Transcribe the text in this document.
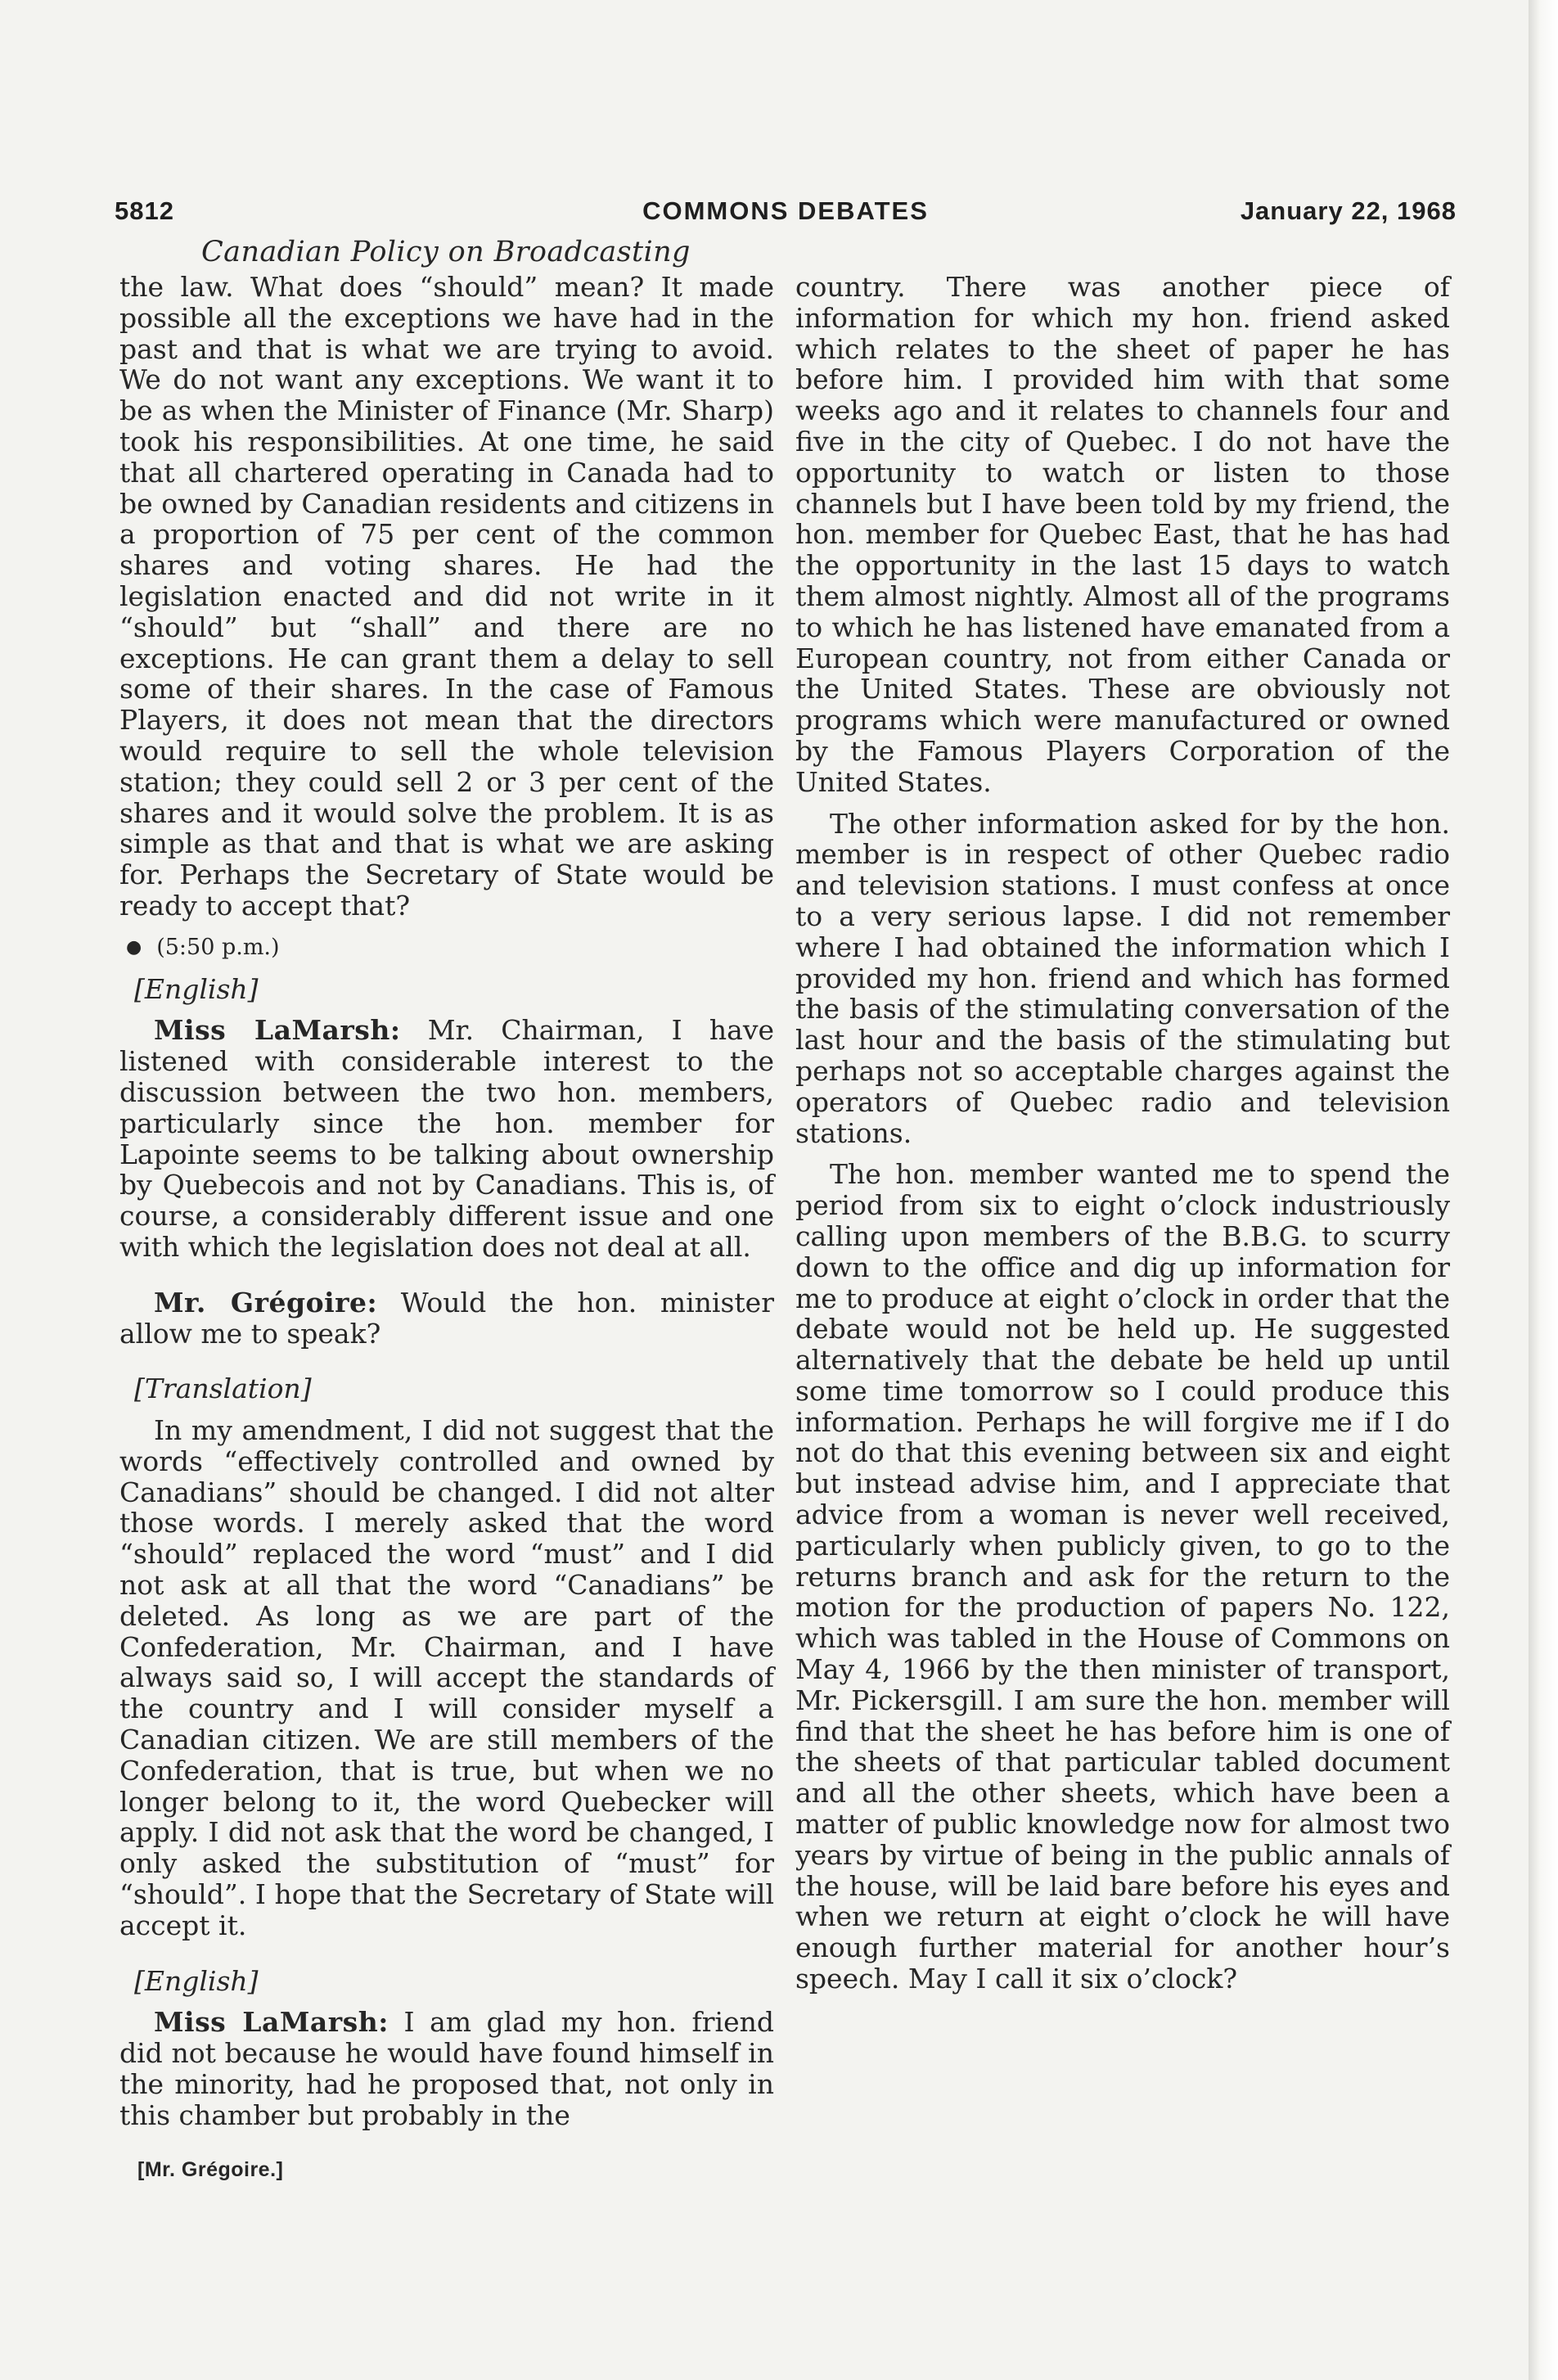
5812	COMMONS DEBATES	January 22, 1968
Canadian Policy on Broadcasting

the law. What does “should” mean? It made possible all the exceptions we have had in the past and that is what we are trying to avoid. We do not want any exceptions. We want it to be as when the Minister of Finance (Mr. Sharp) took his responsibilities. At one time, he said that all chartered operating in Canada had to be owned by Canadian residents and citizens in a proportion of 75 per cent of the common shares and voting shares. He had the legislation enacted and did not write in it “should” but “shall” and there are no exceptions. He can grant them a delay to sell some of their shares. In the case of Famous Players, it does not mean that the directors would require to sell the whole television station; they could sell 2 or 3 per cent of the shares and it would solve the problem. It is as simple as that and that is what we are asking for. Perhaps the Secretary of State would be ready to accept that?

● (5:50 p.m.)

[English]

Miss LaMarsh: Mr. Chairman, I have listened with considerable interest to the discussion between the two hon. members, particularly since the hon. member for Lapointe seems to be talking about ownership by Quebecois and not by Canadians. This is, of course, a considerably different issue and one with which the legislation does not deal at all.

Mr. Grégoire: Would the hon. minister allow me to speak?

[Translation]

In my amendment, I did not suggest that the words “effectively controlled and owned by Canadians” should be changed. I did not alter those words. I merely asked that the word “should” replaced the word “must” and I did not ask at all that the word “Canadians” be deleted. As long as we are part of the Confederation, Mr. Chairman, and I have always said so, I will accept the standards of the country and I will consider myself a Canadian citizen. We are still members of the Confederation, that is true, but when we no longer belong to it, the word Quebecker will apply. I did not ask that the word be changed, I only asked the substitution of “must” for “should”. I hope that the Secretary of State will accept it.

[English]

Miss LaMarsh: I am glad my hon. friend did not because he would have found himself in the minority, had he proposed that, not only in this chamber but probably in the

country. There was another piece of information for which my hon. friend asked which relates to the sheet of paper he has before him. I provided him with that some weeks ago and it relates to channels four and five in the city of Quebec. I do not have the opportunity to watch or listen to those channels but I have been told by my friend, the hon. member for Quebec East, that he has had the opportunity in the last 15 days to watch them almost nightly. Almost all of the programs to which he has listened have emanated from a European country, not from either Canada or the United States. These are obviously not programs which were manufactured or owned by the Famous Players Corporation of the United States.

The other information asked for by the hon. member is in respect of other Quebec radio and television stations. I must confess at once to a very serious lapse. I did not remember where I had obtained the information which I provided my hon. friend and which has formed the basis of the stimulating conversation of the last hour and the basis of the stimulating but perhaps not so acceptable charges against the operators of Quebec radio and television stations.

The hon. member wanted me to spend the period from six to eight o’clock industriously calling upon members of the B.B.G. to scurry down to the office and dig up information for me to produce at eight o’clock in order that the debate would not be held up. He suggested alternatively that the debate be held up until some time tomorrow so I could produce this information. Perhaps he will forgive me if I do not do that this evening between six and eight but instead advise him, and I appreciate that advice from a woman is never well received, particularly when publicly given, to go to the returns branch and ask for the return to the motion for the production of papers No. 122, which was tabled in the House of Commons on May 4, 1966 by the then minister of transport, Mr. Pickersgill. I am sure the hon. member will find that the sheet he has before him is one of the sheets of that particular tabled document and all the other sheets, which have been a matter of public knowledge now for almost two years by virtue of being in the public annals of the house, will be laid bare before his eyes and when we return at eight o’clock he will have enough further material for another hour’s speech. May I call it six o’clock?

[Mr. Grégoire.]
